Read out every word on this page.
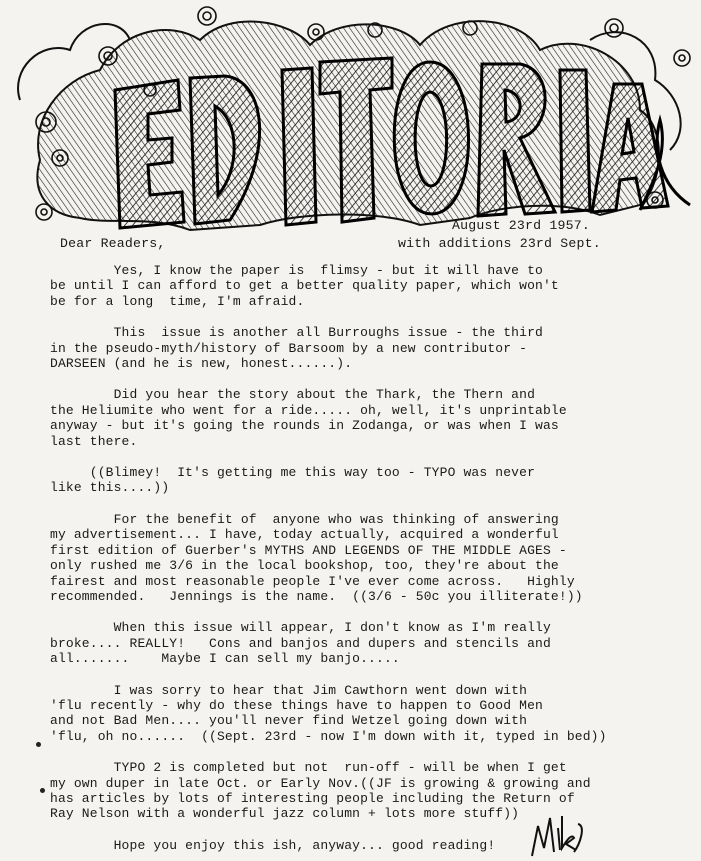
August 23rd 1957.
Dear Readers,	with additions 23rd Sept.

Yes, I know the paper is  flimsy - but it will have to
be until I can afford to get a better quality paper, which won't
be for a long  time, I'm afraid.

This  issue is another all Burroughs issue - the third
in the pseudo-myth/history of Barsoom by a new contributor -
DARSEEN (and he is new, honest......).

Did you hear the story about the Thark, the Thern and
the Heliumite who went for a ride..... oh, well, it's unprintable
anyway - but it's going the rounds in Zodanga, or was when I was
last there.

((Blimey!  It's getting me this way too - TYPO was never
like this....))

For the benefit of  anyone who was thinking of answering
my advertisement... I have, today actually, acquired a wonderful
first edition of Guerber's MYTHS AND LEGENDS OF THE MIDDLE AGES -
only rushed me 3/6 in the local bookshop, too, they're about the
fairest and most reasonable people I've ever come across.   Highly
recommended.   Jennings is the name.  ((3/6 - 50c you illiterate!))

When this issue will appear, I don't know as I'm really
broke.... REALLY!   Cons and banjos and dupers and stencils and
all.......    Maybe I can sell my banjo.....

I was sorry to hear that Jim Cawthorn went down with
'flu recently - why do these things have to happen to Good Men
and not Bad Men.... you'll never find Wetzel going down with
'flu, oh no......  ((Sept. 23rd - now I'm down with it, typed in bed))

TYPO 2 is completed but not  run-off - will be when I get
my own duper in late Oct. or Early Nov.((JF is growing & growing and
has articles by lots of interesting people including the Return of
Ray Nelson with a wonderful jazz column + lots more stuff))

Hope you enjoy this ish, anyway... good reading!
